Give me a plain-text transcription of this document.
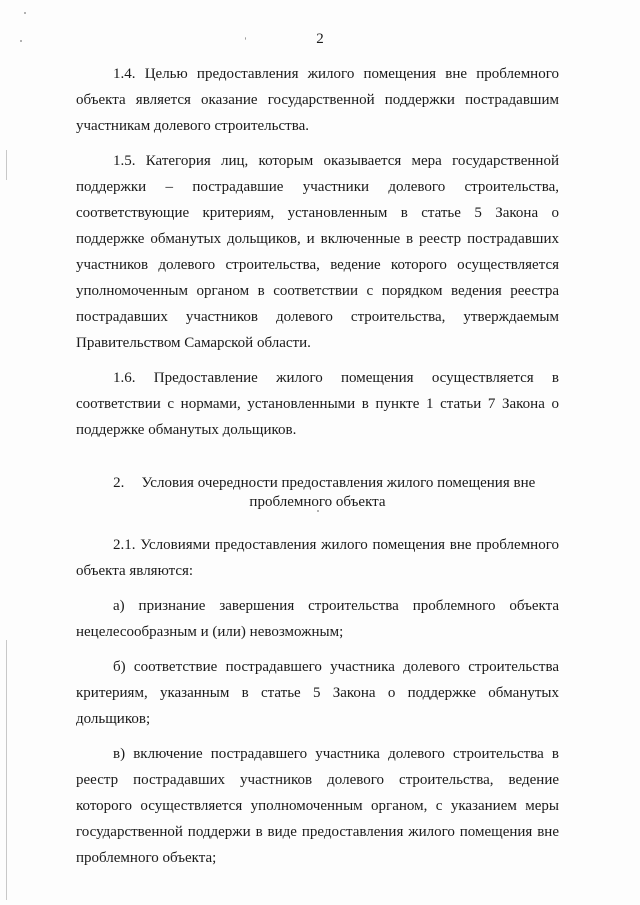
2

1.4. Целью предоставления жилого помещения вне проблемного объекта является оказание государственной поддержки пострадавшим участникам долевого строительства.

1.5. Категория лиц, которым оказывается мера государственной поддержки – пострадавшие участники долевого строительства, соответствующие критериям, установленным в статье 5 Закона о поддержке обманутых дольщиков, и включенные в реестр пострадавших участников долевого строительства, ведение которого осуществляется уполномоченным органом в соответствии с порядком ведения реестра пострадавших участников долевого строительства, утверждаемым Правительством Самарской области.

1.6. Предоставление жилого помещения осуществляется в соответствии с нормами, установленными в пункте 1 статьи 7 Закона о поддержке обманутых дольщиков.

2. Условия очередности предоставления жилого помещения вне проблемного объекта

2.1. Условиями предоставления жилого помещения вне проблемного объекта являются:

а) признание завершения строительства проблемного объекта нецелесообразным и (или) невозможным;

б) соответствие пострадавшего участника долевого строительства критериям, указанным в статье 5 Закона о поддержке обманутых дольщиков;

в) включение пострадавшего участника долевого строительства в реестр пострадавших участников долевого строительства, ведение которого осуществляется уполномоченным органом, с указанием меры государственной поддержи в виде предоставления жилого помещения вне проблемного объекта;
